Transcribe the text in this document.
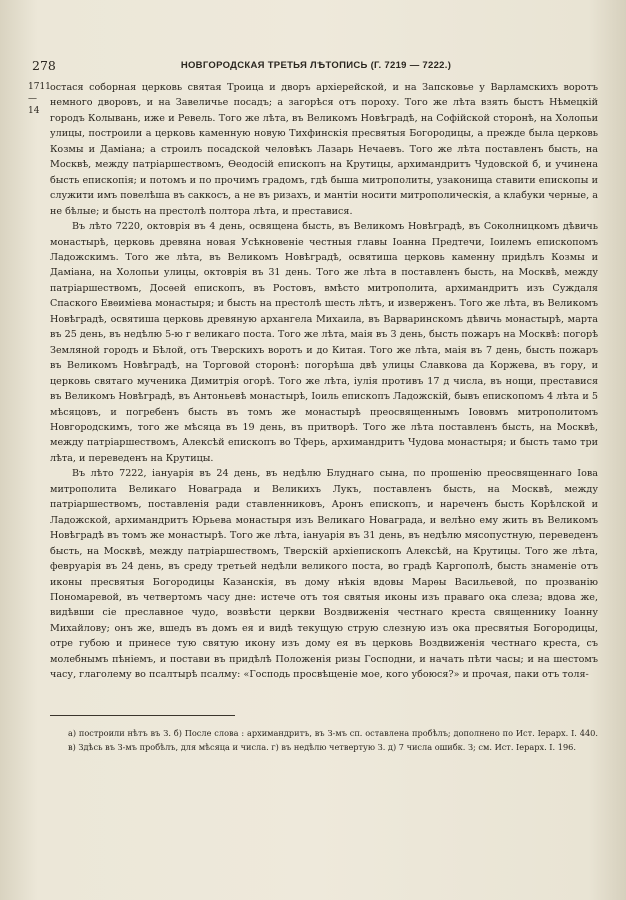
278	НОВГОРОДСКАЯ ТРЕТЬЯ ЛѢТОПИСЬ (Г. 7219 — 7222.)
1711
—14

остася соборная церковь святая Троица и дворъ архіерейской, и на Запсковье у Варламскихъ воротъ немногo дворовъ, и на Завеличье посадъ; а загорѣся отъ пороху. Того же лѣта взять быстъ Нѣмецкій городъ Колывань, иже и Ревель. Того же лѣта, въ Великомъ Новѣградѣ, на Софійской сторонѣ, на Холопьи улицы, построили а церковь каменную новую Тихфинскія пресвятыя Богородицы, а прежде была церковь Козмы и Даміана; а строилъ посадской человѣкъ Лазарь Нечаевъ. Того же лѣта поставленъ бысть, на Москвѣ, между патріаршествомъ, Ѳеодосій епископъ на Крутицы, архимандритъ Чудовской б, и учинена бысть епископія; и потомъ и по прочимъ градомъ, гдѣ быша митрополиты, узаконища ставити епископы и служити имъ повелѣша въ саккосъ, а не въ ризахъ, и мантіи носити митрополическія, а клабуки черные, а не бѣлые; и бысть на престолѣ полтора лѣта, и преставися.

Въ лѣто 7220, октоврія въ 4 день, освящена бысть, въ Великомъ Новѣградѣ, въ Соколницкомъ дѣвичь монастырѣ, церковь древяна новая Усѣкновеніе честныя главы Іоанна Предтечи, Іоилемъ епископомъ Ладожскимъ. Того же лѣта, въ Великомъ Новѣградѣ, освятиша церковь каменну придѣлъ Козмы и Даміана, на Холопьи улицы, октоврія въ 31 день. Того же лѣта в поставленъ бысть, на Москвѣ, между патріаршествомъ, Досѳей епископъ, въ Ростовъ, вмѣсто митрополита, архимандритъ изъ Суждаля Спаского Евѳиміева монастыря; и бысть на престолѣ шесть лѣтъ, и изверженъ. Того же лѣта, въ Великомъ Новѣградѣ, освятиша церковь древяную архангела Михаила, въ Варваринскомъ дѣвичь монастырѣ, марта въ 25 день, въ недѣлю 5-ю г великаго поста. Того же лѣта, маія въ 3 день, бысть пожаръ на Москвѣ: погорѣ Земляной городъ и Бѣлой, отъ Тверскихъ воротъ и до Китая. Того же лѣта, маія въ 7 день, бысть пожаръ въ Великомъ Новѣградѣ, на Торговой сторонѣ: погорѣша двѣ улицы Славкова да Коржева, въ гору, и церковь святаго мученика Димитрія огорѣ. Того же лѣта, іулія противъ 17 д числа, въ нощи, преставися въ Великомъ Новѣградѣ, въ Антоньевѣ монастырѣ, Іоиль епископъ Ладожскій, бывъ епископомъ 4 лѣта и 5 мѣсяцовъ, и погребенъ бысть въ томъ же монастырѣ преосвященнымъ Іововмъ митрополитомъ Новгородскимъ, того же мѣсяца въ 19 день, въ притворѣ. Того же лѣта поставленъ бысть, на Москвѣ, между патріаршествомъ, Алексѣй епископъ во Тферь, архимандритъ Чудова монастыря; и бысть тамо три лѣта, и переведенъ на Крутицы.

Въ лѣто 7222, іануарія въ 24 день, въ недѣлю Блуднаго сына, по прошенію преосвященнаго Іова митрополита Великаго Новаграда и Великихъ Лукъ, поставленъ бысть, на Москвѣ, между патріаршествомъ, поставленія ради ставленниковъ, Аронъ епископъ, и нареченъ бысть Корѣлской и Ладожской, архимандритъ Юрьева монастыря изъ Великаго Новаграда, и велѣно ему жить въ Великомъ Новѣградѣ въ томъ же монастырѣ. Того же лѣта, іануарія въ 31 день, въ недѣлю мясопустную, переведенъ бысть, на Москвѣ, между патріаршествомъ, Тверскій архіепископъ Алексѣй, на Крутицы. Того же лѣта, февруарія въ 24 день, въ среду третьей недѣли великого поста, во градѣ Каргополѣ, бысть знаменіе отъ иконы пресвятыя Богородицы Казанскія, въ дому нѣкія вдовы Марѳы Васильевой, по прозванію Пономаревой, въ четвертомъ часу дне: истече отъ тоя святыя иконы изъ праваго ока слеза; вдова же, видѣвши сіе преславное чудо, возвѣсти церкви Воздвиженія честнаго креста священнику Іоанну Михайлову; онъ же, вшедъ въ домъ ея и видѣ текущую струю слезную изъ ока пресвятыя Богородицы, отре губою и принесе тую святую икону изъ дому ея въ церковь Воздвиженія честнаго креста, съ молебнымъ пѣніемъ, и постави въ придѣлѣ Положенія ризы Господни, и начать пѣти часы; и на шестомъ часу, глаголему во псалтырѣ псалму: «Господь просвѣщеніе мое, кого убоюся?» и прочая, паки отъ толя-

а) построили нѣтъ въ З. б) После слова : архимандритъ, въ З-мъ сп. оставлена пробѣлъ; дополнено по Ист. Іерарх. І. 440. в) Здѣсь въ З-мъ пробѣлъ, для мѣсяца и числа. г) въ недѣлю четвертую З. д) 7 числа ошибк. З; см. Ист. Іерарх. І. 196.
